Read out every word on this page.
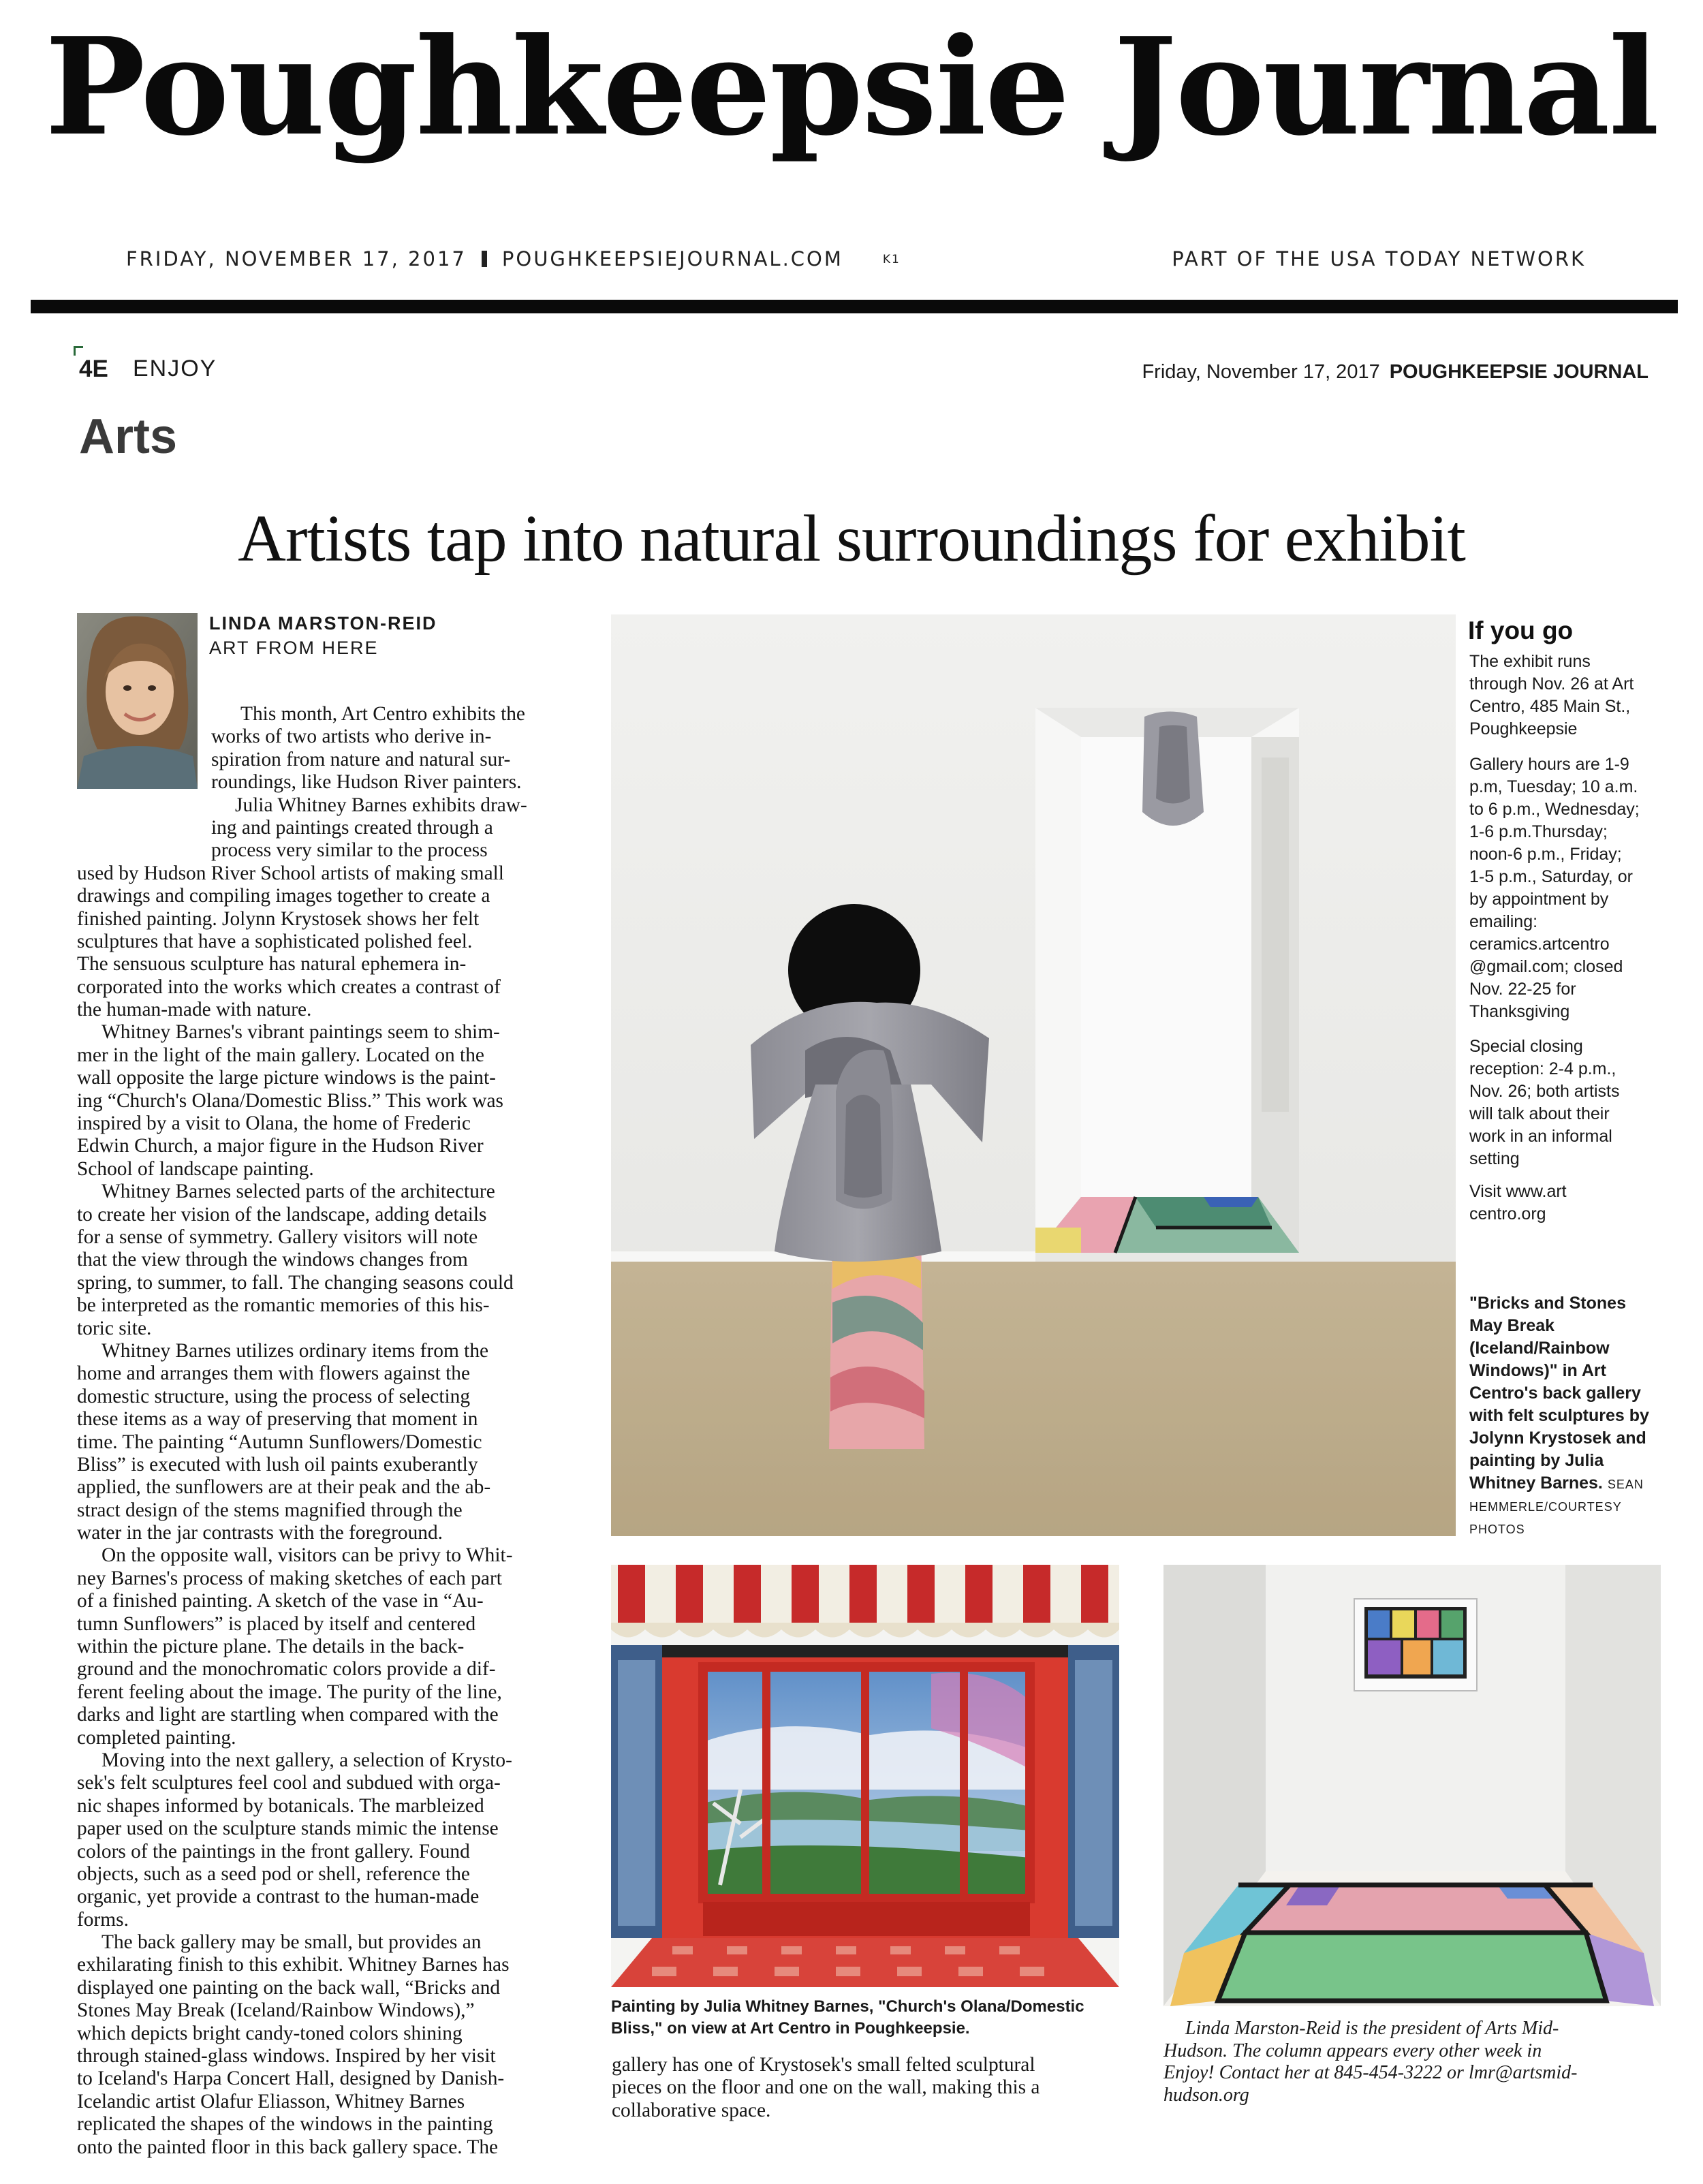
Poughkeepsie Journal
FRIDAY, NOVEMBER 17, 2017 POUGHKEEPSIEJOURNAL.COM	K1	PART OF THE USA TODAY NETWORK
4E ENJOY	Friday, November 17, 2017 POUGHKEEPSIE JOURNAL
Arts
Artists tap into natural surroundings for exhibit
LINDA MARSTON-REID
ART FROM HERE
This month, Art Centro exhibits the
works of two artists who derive in-
spiration from nature and natural sur-
roundings, like Hudson River painters.
Julia Whitney Barnes exhibits draw-
ing and paintings created through a
process very similar to the process
used by Hudson River School artists of making small
drawings and compiling images together to create a
finished painting. Jolynn Krystosek shows her felt
sculptures that have a sophisticated polished feel.
The sensuous sculpture has natural ephemera in-
corporated into the works which creates a contrast of
the human-made with nature.
Whitney Barnes's vibrant paintings seem to shim-
mer in the light of the main gallery. Located on the
wall opposite the large picture windows is the paint-
ing “Church's Olana/Domestic Bliss.” This work was
inspired by a visit to Olana, the home of Frederic
Edwin Church, a major figure in the Hudson River
School of landscape painting.
Whitney Barnes selected parts of the architecture
to create her vision of the landscape, adding details
for a sense of symmetry. Gallery visitors will note
that the view through the windows changes from
spring, to summer, to fall. The changing seasons could
be interpreted as the romantic memories of this his-
toric site.
Whitney Barnes utilizes ordinary items from the
home and arranges them with flowers against the
domestic structure, using the process of selecting
these items as a way of preserving that moment in
time. The painting “Autumn Sunflowers/Domestic
Bliss” is executed with lush oil paints exuberantly
applied, the sunflowers are at their peak and the ab-
stract design of the stems magnified through the
water in the jar contrasts with the foreground.
On the opposite wall, visitors can be privy to Whit-
ney Barnes's process of making sketches of each part
of a finished painting. A sketch of the vase in “Au-
tumn Sunflowers” is placed by itself and centered
within the picture plane. The details in the back-
ground and the monochromatic colors provide a dif-
ferent feeling about the image. The purity of the line,
darks and light are startling when compared with the
completed painting.
Moving into the next gallery, a selection of Krysto-
sek's felt sculptures feel cool and subdued with orga-
nic shapes informed by botanicals. The marbleized
paper used on the sculpture stands mimic the intense
colors of the paintings in the front gallery. Found
objects, such as a seed pod or shell, reference the
organic, yet provide a contrast to the human-made
forms.
The back gallery may be small, but provides an
exhilarating finish to this exhibit. Whitney Barnes has
displayed one painting on the back wall, “Bricks and
Stones May Break (Iceland/Rainbow Windows),”
which depicts bright candy-toned colors shining
through stained-glass windows. Inspired by her visit
to Iceland's Harpa Concert Hall, designed by Danish-
Icelandic artist Olafur Eliasson, Whitney Barnes
replicated the shapes of the windows in the painting
onto the painted floor in this back gallery space. The
gallery has one of Krystosek's small felted sculptural
pieces on the floor and one on the wall, making this a
collaborative space.
If you go
The exhibit runs
through Nov. 26 at Art
Centro, 485 Main St.,
Poughkeepsie
Gallery hours are 1-9
p.m, Tuesday; 10 a.m.
to 6 p.m., Wednesday;
1-6 p.m.Thursday;
noon-6 p.m., Friday;
1-5 p.m., Saturday, or
by appointment by
emailing:
ceramics.artcentro
@gmail.com; closed
Nov. 22-25 for
Thanksgiving
Special closing
reception: 2-4 p.m.,
Nov. 26; both artists
will talk about their
work in an informal
setting
Visit www.art
centro.org
"Bricks and Stones
May Break
(Iceland/Rainbow
Windows)" in Art
Centro's back gallery
with felt sculptures by
Jolynn Krystosek and
painting by Julia
Whitney Barnes. SEAN
HEMMERLE/COURTESY
PHOTOS
Painting by Julia Whitney Barnes, "Church's Olana/Domestic
Bliss," on view at Art Centro in Poughkeepsie.	Linda Marston-Reid is the president of Arts Mid-
Hudson. The column appears every other week in
Enjoy! Contact her at 845-454-3222 or lmr@artsmid-
hudson.org
